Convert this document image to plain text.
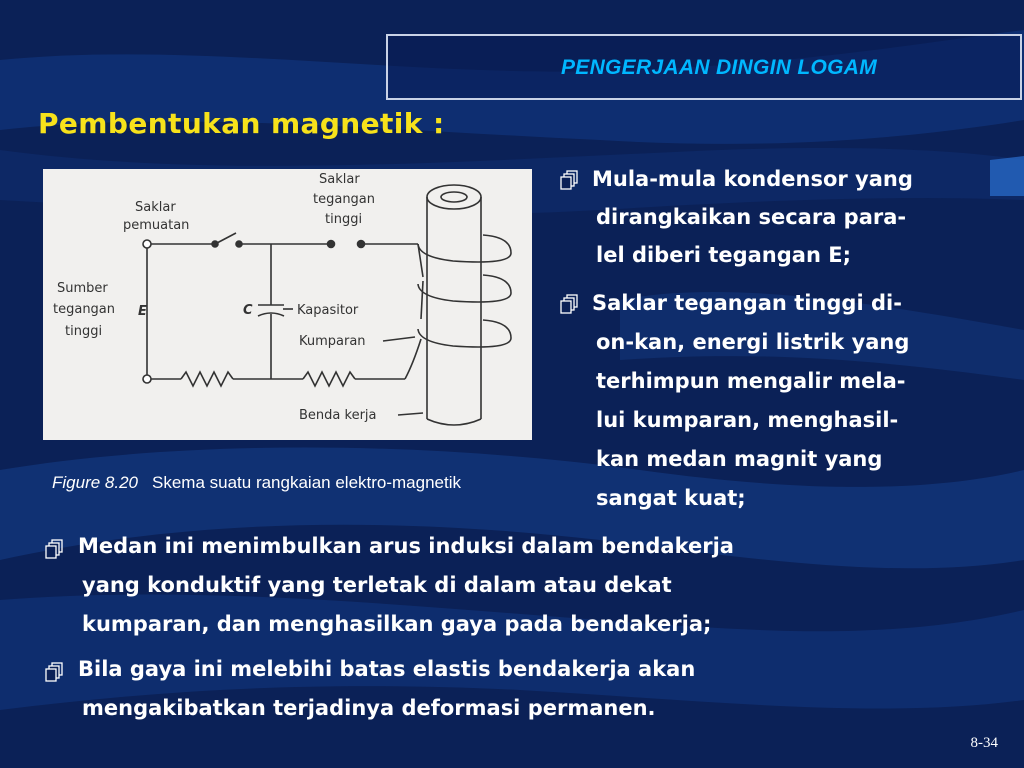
PENGERJAAN DINGIN LOGAM
Pembentukan magnetik :
Saklar
pemuatan
Saklar
tegangan
tinggi
Sumber
tegangan
tinggi
E	C	Kapasitor
Kumparan
Benda kerja
Figure 8.20 Skema suatu rangkaian elektro-magnetik
Mula-mula kondensor yang
dirangkaikan secara para-
lel diberi tegangan E;
Saklar tegangan tinggi di-
on-kan, energi listrik yang
terhimpun mengalir mela-
lui kumparan, menghasil-
kan medan magnit yang
sangat kuat;
Medan ini menimbulkan arus induksi dalam bendakerja
yang konduktif yang terletak di dalam atau dekat
kumparan, dan menghasilkan gaya pada bendakerja;
Bila gaya ini melebihi batas elastis bendakerja akan
mengakibatkan terjadinya deformasi permanen.
8-34
